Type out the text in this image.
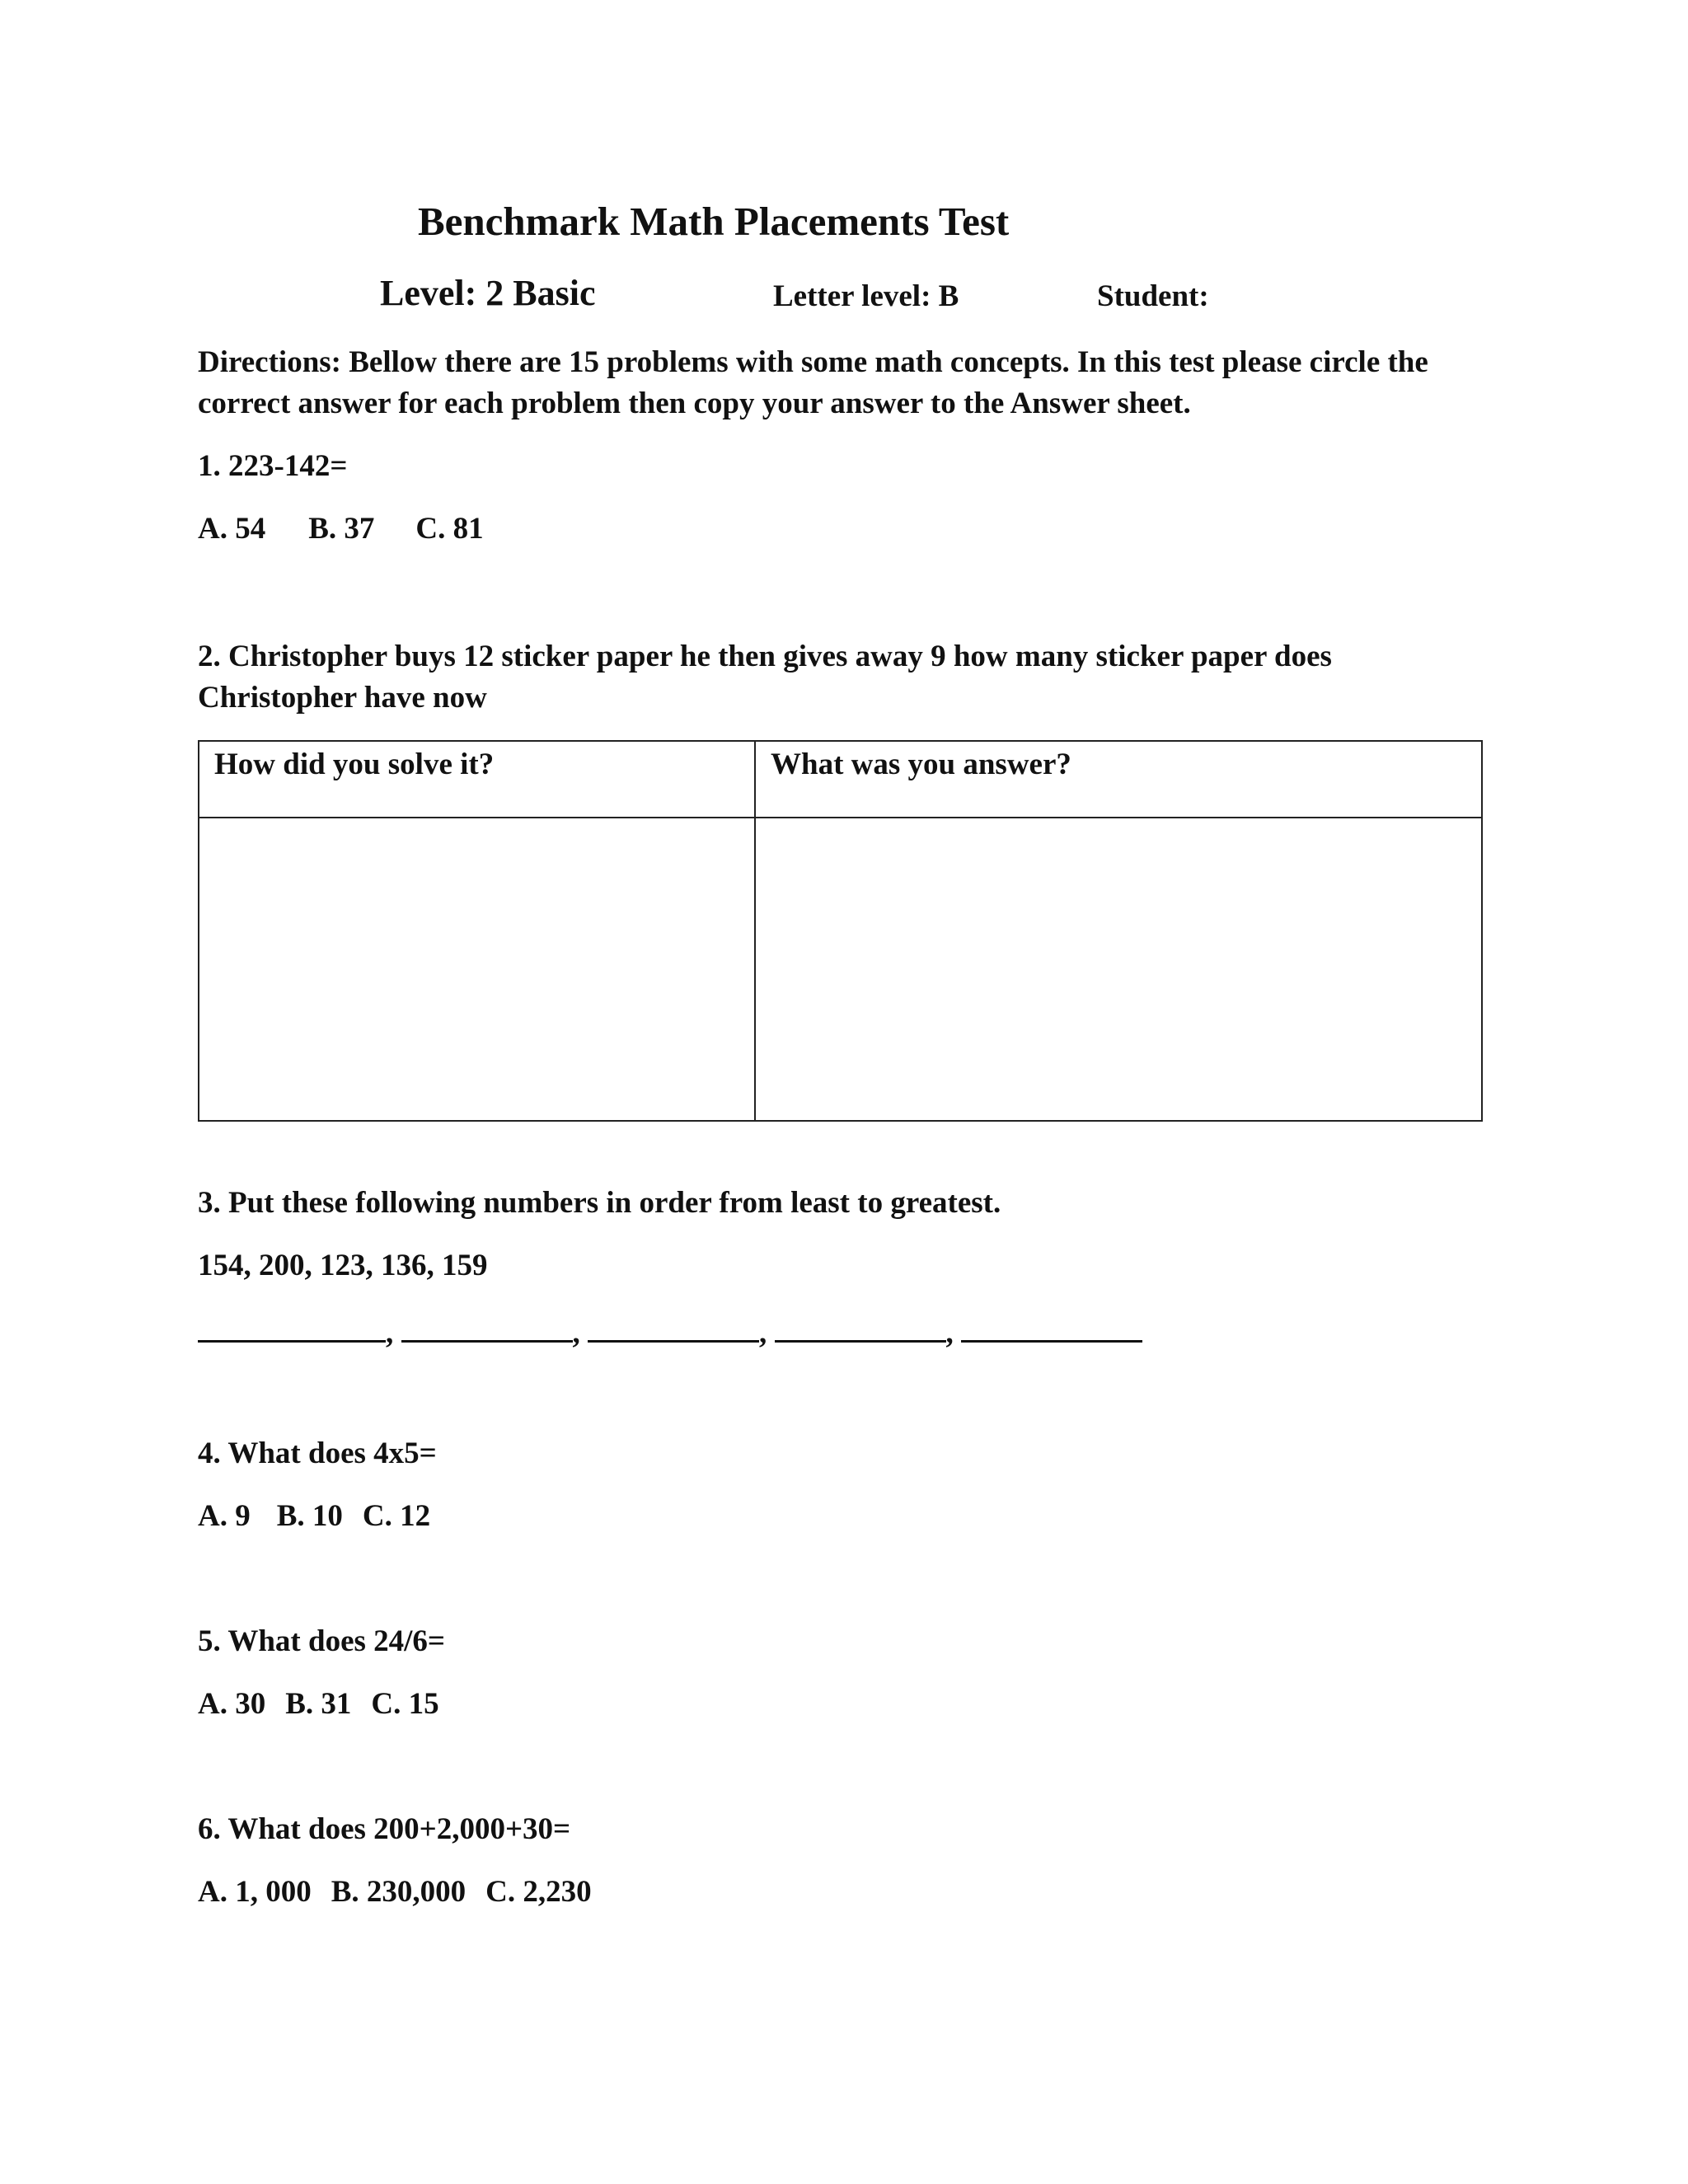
Benchmark Math Placements Test
Level: 2 Basic	Letter level: B	Student:
Directions: Bellow there are 15 problems with some math concepts. In this test please circle the correct answer for each problem then copy your answer to the Answer sheet.
1. 223-142=
A. 54 B. 37 C. 81
2. Christopher buys 12 sticker paper he then gives away 9 how many sticker paper does Christopher have now
How did you solve it?	What was you answer?

3. Put these following numbers in order from least to greatest.
154, 200, 123, 136, 159
,	,	,	,
4. What does 4x5=
A. 9 B. 10 C. 12
5. What does 24/6=
A. 30 B. 31 C. 15
6. What does 200+2,000+30=
A. 1, 000 B. 230,000 C. 2,230
